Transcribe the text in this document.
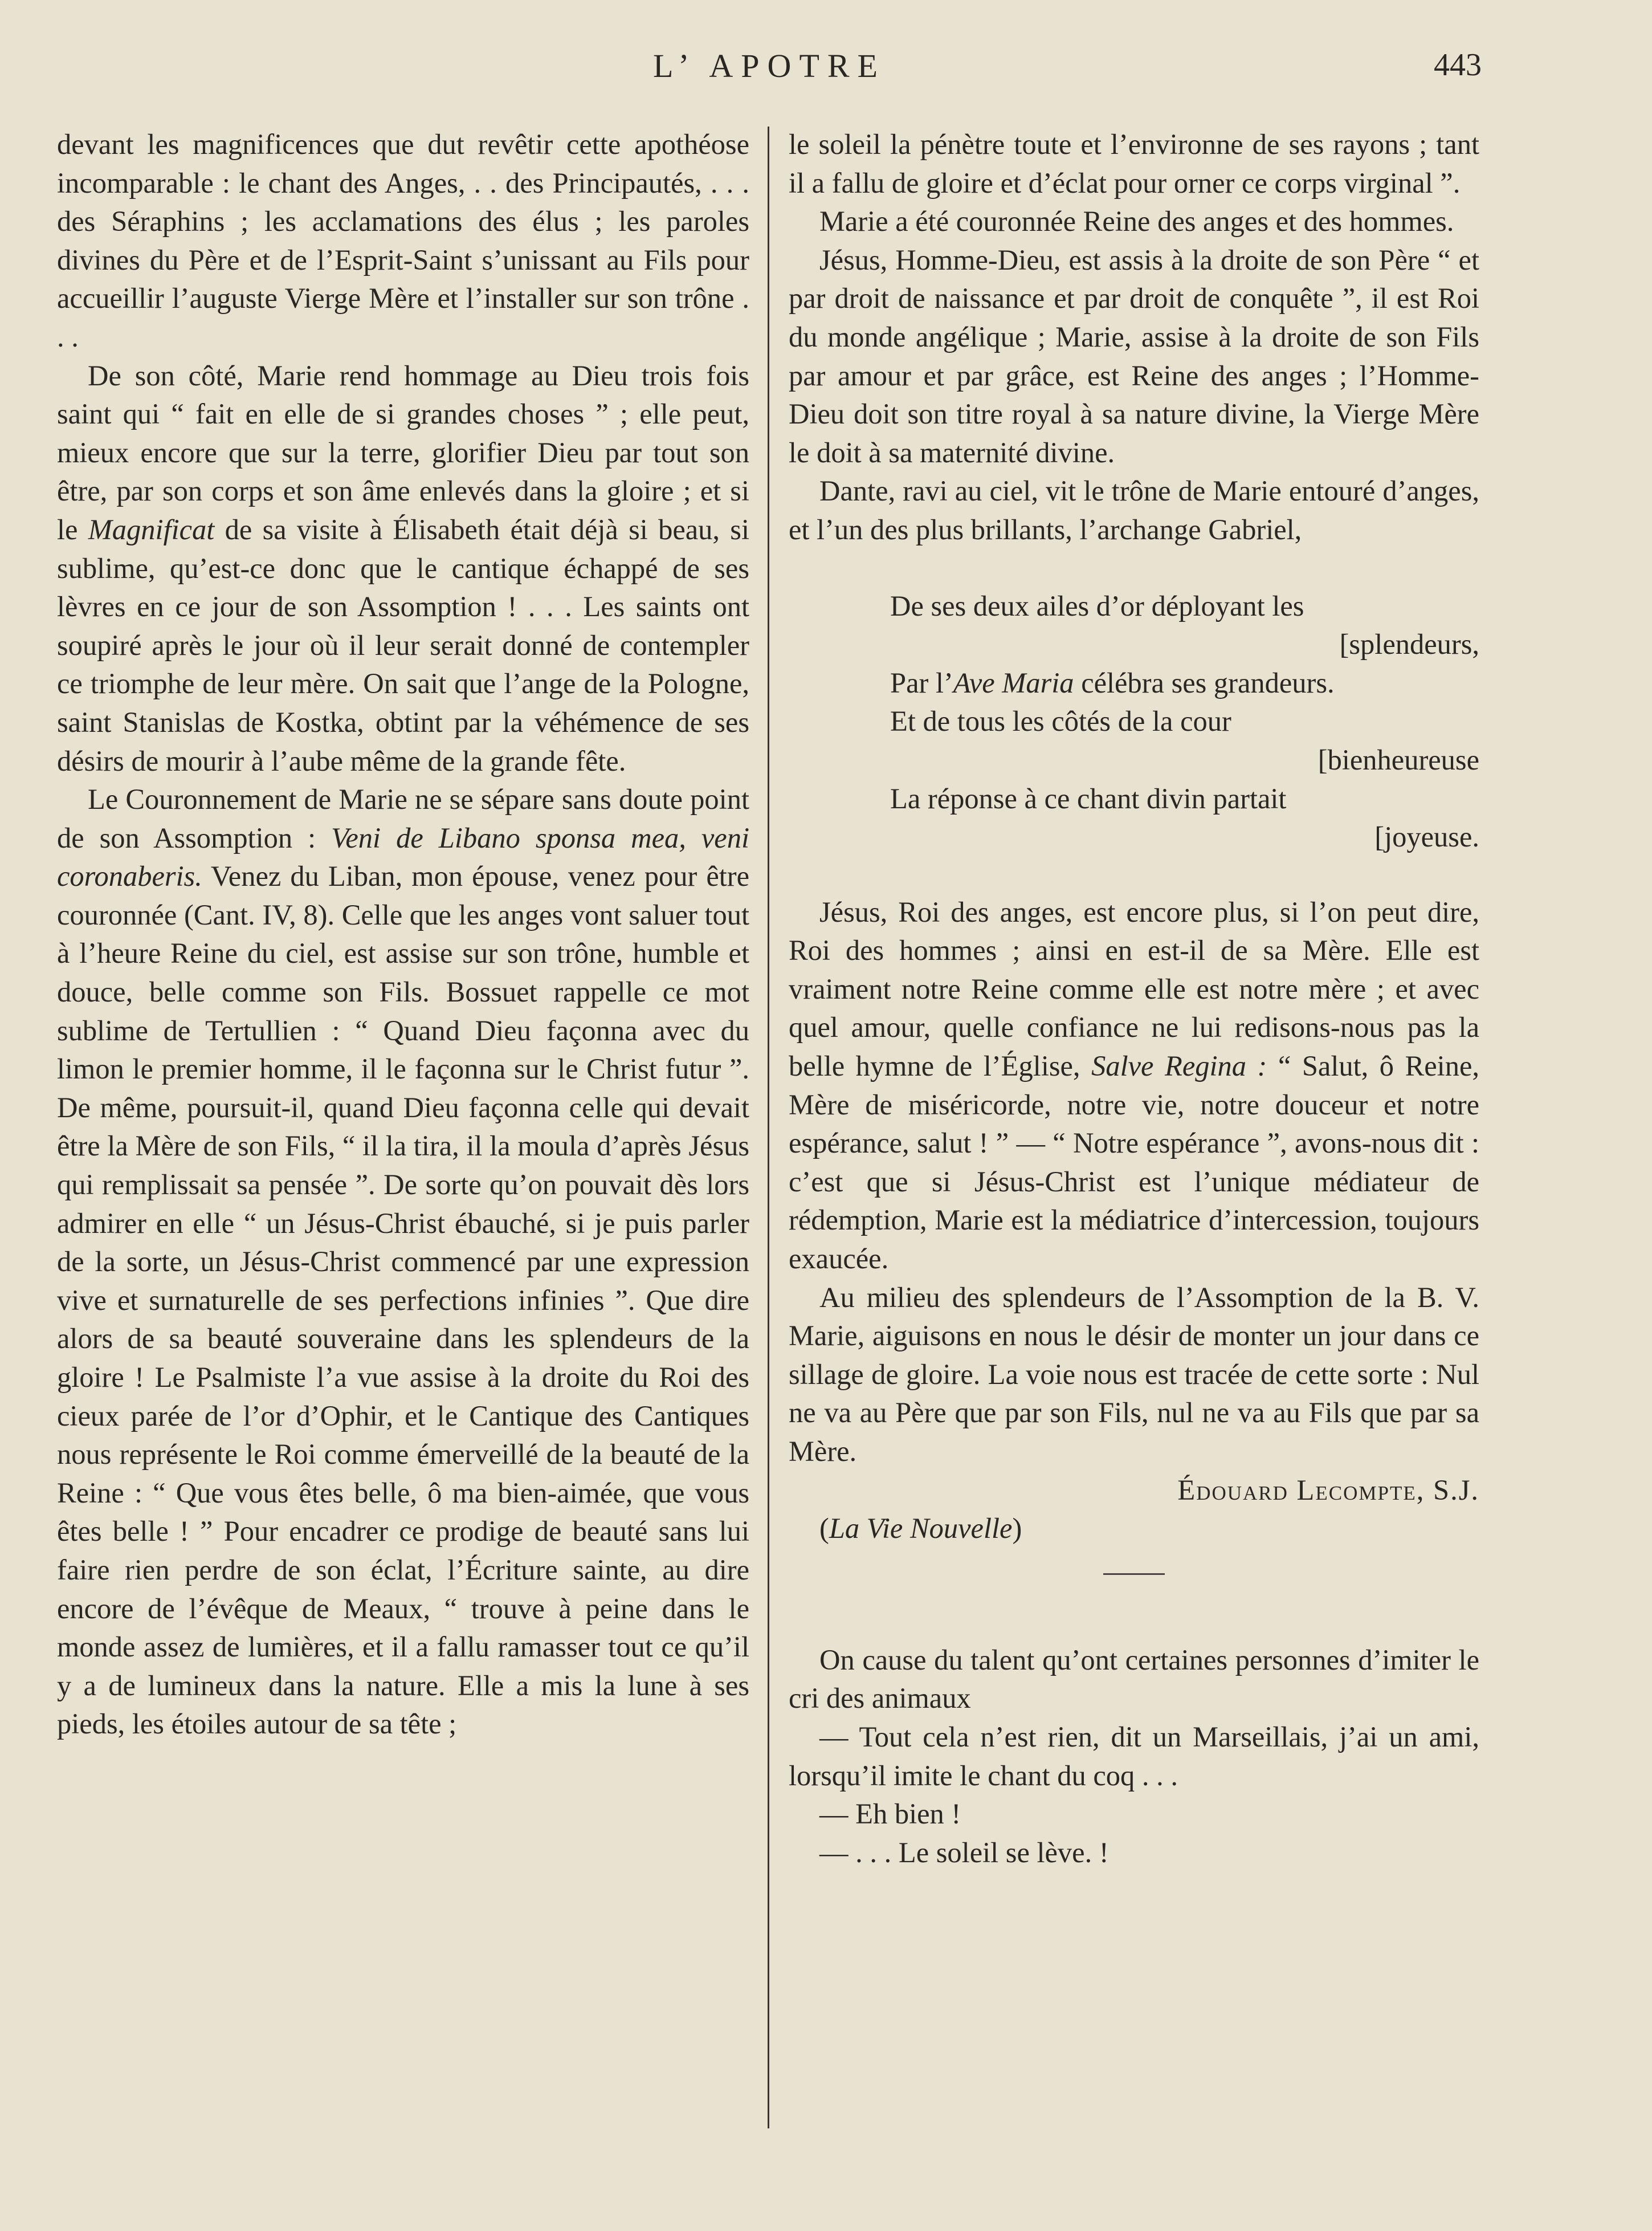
L’ APOTRE	443

devant les magnificences que dut revêtir cette apothéose incomparable : le chant des Anges, . . des Principautés, . . . des Séraphins ; les acclamations des élus ; les paroles divines du Père et de l’Esprit-Saint s’unissant au Fils pour accueillir l’auguste Vierge Mère et l’installer sur son trône . . .

De son côté, Marie rend hommage au Dieu trois fois saint qui “ fait en elle de si grandes choses ” ; elle peut, mieux encore que sur la terre, glorifier Dieu par tout son être, par son corps et son âme enlevés dans la gloire ; et si le Magnificat de sa visite à Élisabeth était déjà si beau, si sublime, qu’est-ce donc que le cantique échappé de ses lèvres en ce jour de son Assomption ! . . . Les saints ont soupiré après le jour où il leur serait donné de contempler ce triomphe de leur mère. On sait que l’ange de la Pologne, saint Stanislas de Kostka, obtint par la véhémence de ses désirs de mourir à l’aube même de la grande fête.

Le Couronnement de Marie ne se sépare sans doute point de son Assomption : Veni de Libano sponsa mea, veni coronaberis. Venez du Liban, mon épouse, venez pour être couronnée (Cant. IV, 8). Celle que les anges vont saluer tout à l’heure Reine du ciel, est assise sur son trône, humble et douce, belle comme son Fils. Bossuet rappelle ce mot sublime de Tertullien : “ Quand Dieu façonna avec du limon le premier homme, il le façonna sur le Christ futur ”. De même, poursuit-il, quand Dieu façonna celle qui devait être la Mère de son Fils, “ il la tira, il la moula d’après Jésus qui remplissait sa pensée ”. De sorte qu’on pouvait dès lors admirer en elle “ un Jésus-Christ ébauché, si je puis parler de la sorte, un Jésus-Christ commencé par une expression vive et surnaturelle de ses perfections infinies ”. Que dire alors de sa beauté souveraine dans les splendeurs de la gloire ! Le Psalmiste l’a vue assise à la droite du Roi des cieux parée de l’or d’Ophir, et le Cantique des Cantiques nous représente le Roi comme émerveillé de la beauté de la Reine : “ Que vous êtes belle, ô ma bien-aimée, que vous êtes belle ! ” Pour encadrer ce prodige de beauté sans lui faire rien perdre de son éclat, l’Écriture sainte, au dire encore de l’évêque de Meaux, “ trouve à peine dans le monde assez de lumières, et il a fallu ramasser tout ce qu’il y a de lumineux dans la nature. Elle a mis la lune à ses pieds, les étoiles autour de sa tête ;

le soleil la pénètre toute et l’environne de ses rayons ; tant il a fallu de gloire et d’éclat pour orner ce corps virginal ”.

Marie a été couronnée Reine des anges et des hommes.

Jésus, Homme-Dieu, est assis à la droite de son Père “ et par droit de naissance et par droit de conquête ”, il est Roi du monde angélique ; Marie, assise à la droite de son Fils par amour et par grâce, est Reine des anges ; l’Homme-Dieu doit son titre royal à sa nature divine, la Vierge Mère le doit à sa maternité divine.

Dante, ravi au ciel, vit le trône de Marie entouré d’anges, et l’un des plus brillants, l’archange Gabriel,

De ses deux ailes d’or déployant les
[splendeurs,
Par l’Ave Maria célébra ses grandeurs.
Et de tous les côtés de la cour
[bienheureuse
La réponse à ce chant divin partait
[joyeuse.

Jésus, Roi des anges, est encore plus, si l’on peut dire, Roi des hommes ; ainsi en est-il de sa Mère. Elle est vraiment notre Reine comme elle est notre mère ; et avec quel amour, quelle confiance ne lui redisons-nous pas la belle hymne de l’Église, Salve Regina : “ Salut, ô Reine, Mère de miséricorde, notre vie, notre douceur et notre espérance, salut ! ” — “ Notre espérance ”, avons-nous dit : c’est que si Jésus-Christ est l’unique médiateur de rédemption, Marie est la médiatrice d’intercession, toujours exaucée.

Au milieu des splendeurs de l’Assomption de la B. V. Marie, aiguisons en nous le désir de monter un jour dans ce sillage de gloire. La voie nous est tracée de cette sorte : Nul ne va au Père que par son Fils, nul ne va au Fils que par sa Mère.

Édouard Lecompte, S.J.

(La Vie Nouvelle)

On cause du talent qu’ont certaines personnes d’imiter le cri des animaux

— Tout cela n’est rien, dit un Marseillais, j’ai un ami, lorsqu’il imite le chant du coq . . .

— Eh bien !

— . . . Le soleil se lève. !
